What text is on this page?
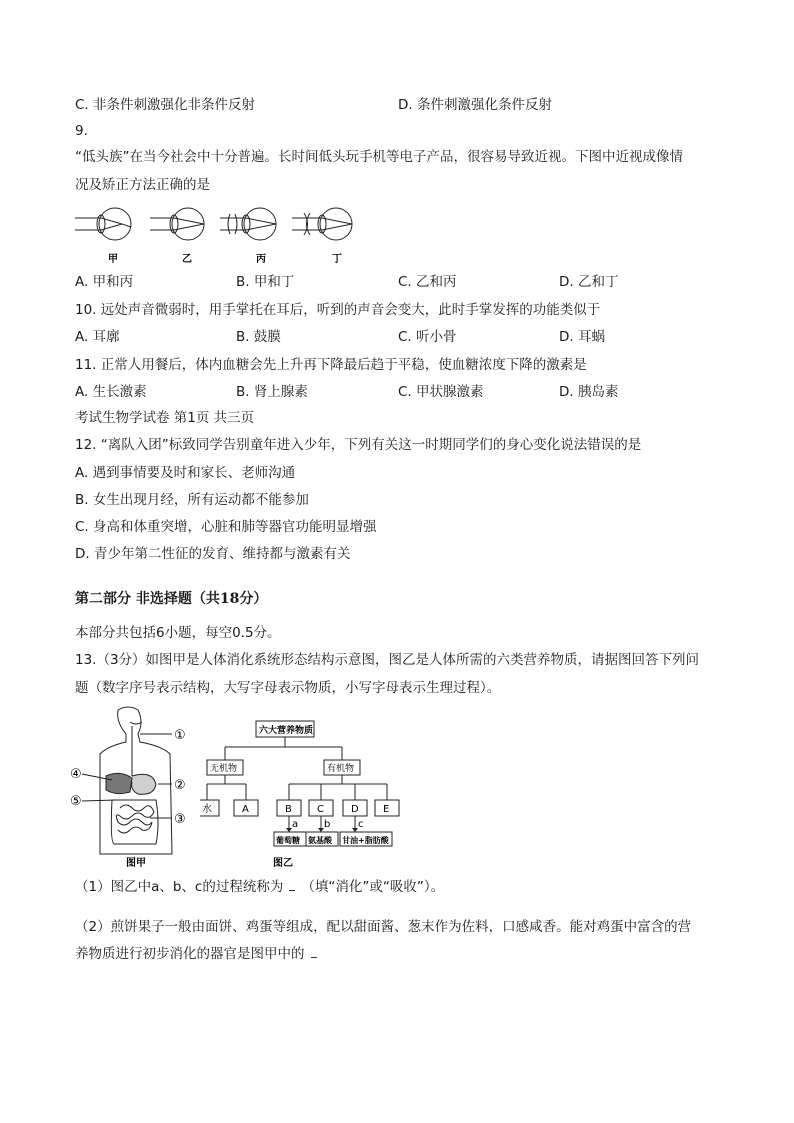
C. 非条件刺激强化非条件反射	D. 条件刺激强化条件反射
9.
“低头族”在当今社会中十分普遍。长时间低头玩手机等电子产品，很容易导致近视。下图中近视成像情
况及矫正方法正确的是
甲	乙	丙	丁
A. 甲和丙	B. 甲和丁	C. 乙和丙	D. 乙和丁
10. 远处声音微弱时，用手掌托在耳后，听到的声音会变大，此时手掌发挥的功能类似于
A. 耳廓	B. 鼓膜	C. 听小骨	D. 耳蜗
11. 正常人用餐后，体内血糖会先上升再下降最后趋于平稳，使血糖浓度下降的激素是
A. 生长激素	B. 肾上腺素	C. 甲状腺激素	D. 胰岛素
考试生物学试卷 第1页 共三页
12. “离队入团”标致同学告别童年进入少年，下列有关这一时期同学们的身心变化说法错误的是
A. 遇到事情要及时和家长、老师沟通
B. 女生出现月经，所有运动都不能参加
C. 身高和体重突增，心脏和肺等器官功能明显增强
D. 青少年第二性征的发育、维持都与激素有关
第二部分 非选择题（共18分）
本部分共包括6小题，每空0.5分。
13.（3分）如图甲是人体消化系统形态结构示意图，图乙是人体所需的六类营养物质，请据图回答下列问
题（数字序号表示结构，大写字母表示物质，小写字母表示生理过程）。
①
②
③
④
⑤
图甲
六大营养物质
无机物	有机物
水	A	B	C	D E
a	b	c
葡萄糖 氨基酸 甘油+脂肪酸
图乙
（1）图乙中a、b、c的过程统称为 （填“消化”或“吸收”）。
（2）煎饼果子一般由面饼、鸡蛋等组成，配以甜面酱、葱末作为佐料，口感咸香。能对鸡蛋中富含的营
养物质进行初步消化的器官是图甲中的
